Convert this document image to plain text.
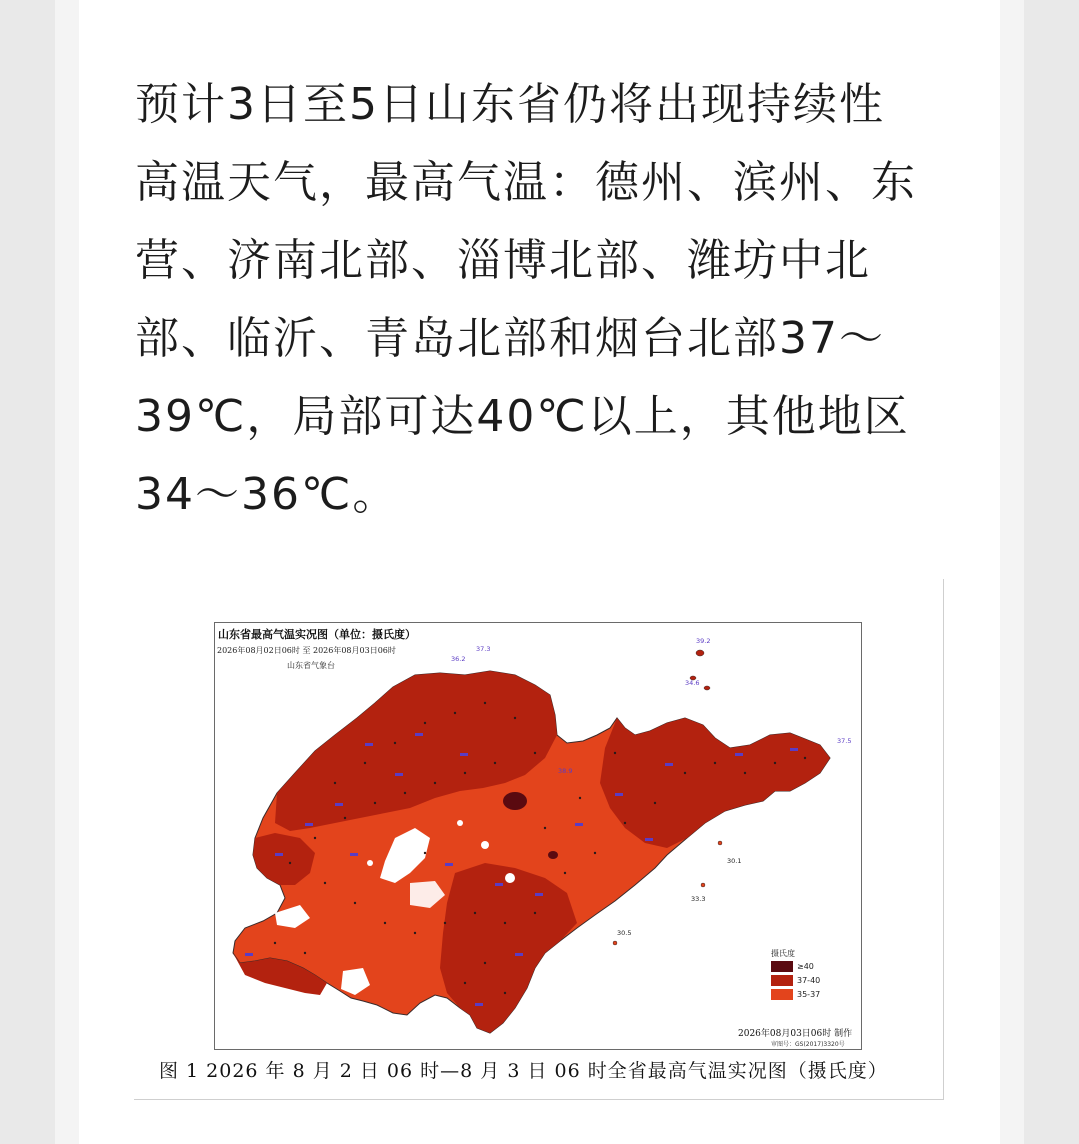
预计3日至5日山东省仍将出现持续性
高温天气，最高气温：德州、滨州、东
营、济南北部、淄博北部、潍坊中北
部、临沂、青岛北部和烟台北部37～
39℃，局部可达40℃以上，其他地区
34～36℃。
37.3
39.2
38.9
37.5
30.1
33.3
30.5
36.2
34.6
山东省最高气温实况图（单位：摄氏度）
2026年08月02日06时 至 2026年08月03日06时
山东省气象台
摄氏度
≥40
37-40
35-37
2026年08月03日06时 制作
审图号：GS(2017)3320号
图 1 2026 年 8 月 2 日 06 时—8 月 3 日 06 时全省最高气温实况图（摄氏度）
